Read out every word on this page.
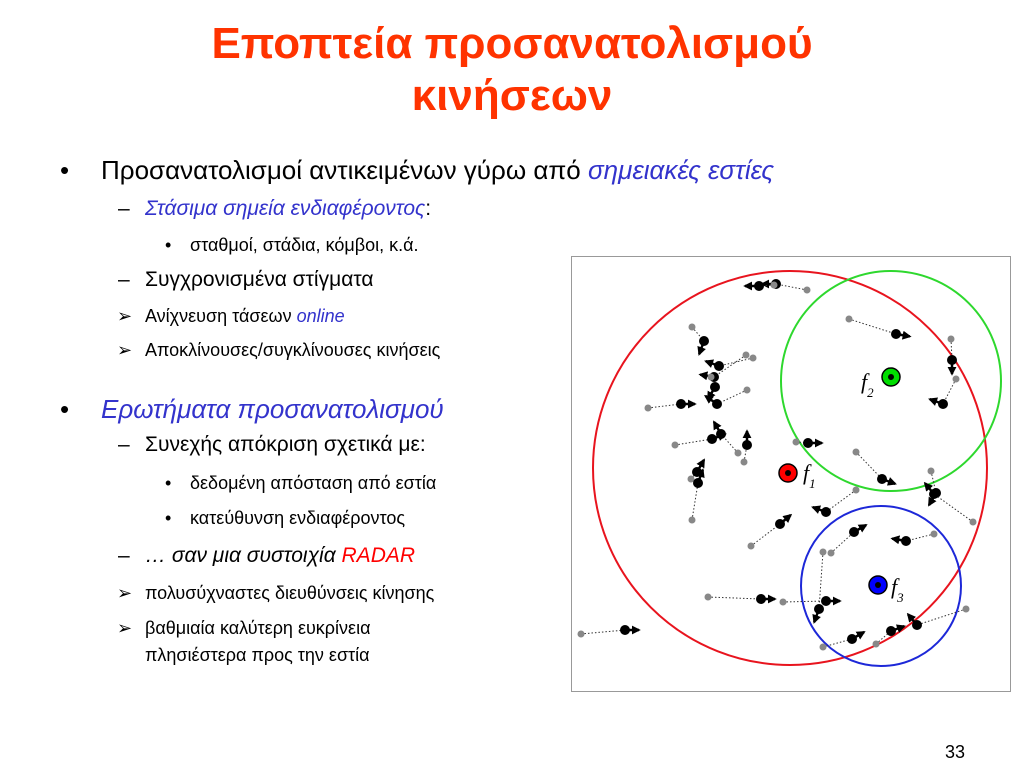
Εποπτεία προσανατολισμού
κινήσεων
• Προσανατολισμοί αντικειμένων γύρω από σημειακές εστίες
– Στάσιμα σημεία ενδιαφέροντος:
• σταθμοί, στάδια, κόμβοι, κ.ά.
– Συγχρονισμένα στίγματα
➢ Ανίχνευση τάσεων online
➢ Αποκλίνουσες/συγκλίνουσες κινήσεις
• Ερωτήματα προσανατολισμού
– Συνεχής απόκριση σχετικά με:
• δεδομένη απόσταση από εστία
• κατεύθυνση ενδιαφέροντος
– … σαν μια συστοιχία RADAR
➢ πολυσύχναστες διευθύνσεις κίνησης
➢ βαθμιαία καλύτερη ευκρίνεια
πλησιέστερα προς την εστία
$f_1$
$f_2$
$f_3$
33
